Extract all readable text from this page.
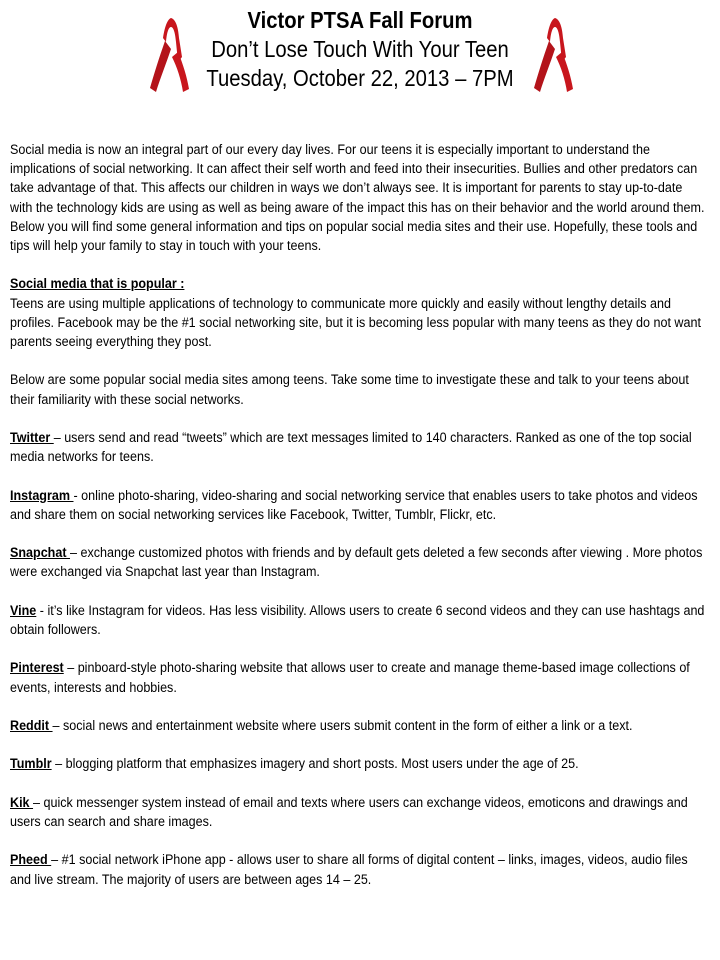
Victor PTSA Fall Forum
Don’t Lose Touch With Your Teen
Tuesday, October 22, 2013 – 7PM

Social media is now an integral part of our every day lives. For our teens it is especially important to understand the implications of social networking. It can affect their self worth and feed into their insecurities. Bullies and other predators can take advantage of that. This affects our children in ways we don’t always see. It is important for parents to stay up-to-date with the technology kids are using as well as being aware of the impact this has on their behavior and the world around them. Below you will find some general information and tips on popular social media sites and their use. Hopefully, these tools and tips will help your family to stay in touch with your teens.

Social media that is popular :
Teens are using multiple applications of technology to communicate more quickly and easily without lengthy details and profiles. Facebook may be the #1 social networking site, but it is becoming less popular with many teens as they do not want parents seeing everything they post.

Below are some popular social media sites among teens. Take some time to investigate these and talk to your teens about their familiarity with these social networks.

Twitter – users send and read “tweets” which are text messages limited to 140 characters. Ranked as one of the top social media networks for teens.

Instagram - online photo-sharing, video-sharing and social networking service that enables users to take photos and videos and share them on social networking services like Facebook, Twitter, Tumblr, Flickr, etc.

Snapchat – exchange customized photos with friends and by default gets deleted a few seconds after viewing . More photos were exchanged via Snapchat last year than Instagram.

Vine - it’s like Instagram for videos. Has less visibility. Allows users to create 6 second videos and they can use hashtags and obtain followers.

Pinterest – pinboard-style photo-sharing website that allows user to create and manage theme-based image collections of events, interests and hobbies.

Reddit – social news and entertainment website where users submit content in the form of either a link or a text.

Tumblr – blogging platform that emphasizes imagery and short posts. Most users under the age of 25.

Kik – quick messenger system instead of email and texts where users can exchange videos, emoticons and drawings and users can search and share images.

Pheed – #1 social network iPhone app - allows user to share all forms of digital content – links, images, videos, audio files and live stream. The majority of users are between ages 14 – 25.
